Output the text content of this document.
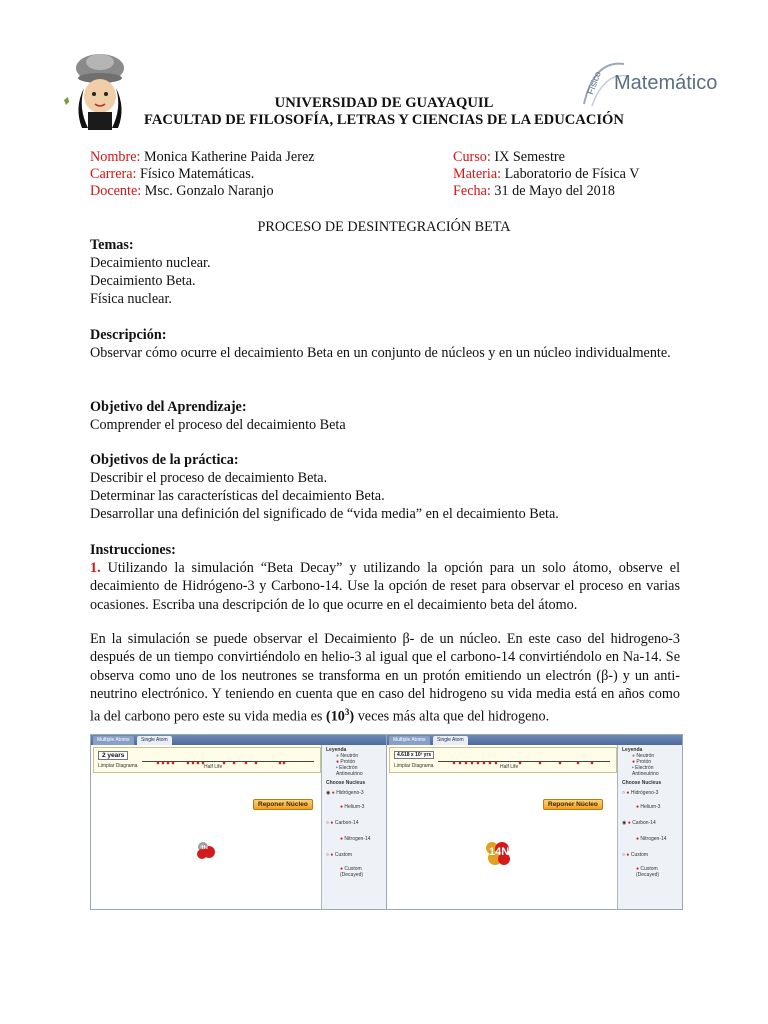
Físico Matemático
UNIVERSIDAD DE GUAYAQUIL
FACULTAD DE FILOSOFÍA, LETRAS Y CIENCIAS DE LA EDUCACIÓN
Nombre: Monica Katherine Paida Jerez
Carrera: Físico Matemáticas.
Docente: Msc. Gonzalo Naranjo
Curso: IX Semestre
Materia: Laboratorio de Física V
Fecha: 31 de Mayo del 2018
PROCESO DE DESINTEGRACIÓN BETA
Temas:
Decaimiento nuclear.
Decaimiento Beta.
Física nuclear.
Descripción:
Observar cómo ocurre el decaimiento Beta en un conjunto de núcleos y en un núcleo individualmente.
Objetivo del Aprendizaje:
Comprender el proceso del decaimiento Beta
Objetivos de la práctica:
Describir el proceso de decaimiento Beta.
Determinar las características del decaimiento Beta.
Desarrollar una definición del significado de “vida media” en el decaimiento Beta.
Instrucciones:
1. Utilizando la simulación “Beta Decay” y utilizando la opción para un solo átomo, observe el decaimiento de Hidrógeno-3 y Carbono-14. Use la opción de reset para observar el proceso en varias ocasiones. Escriba una descripción de lo que ocurre en el decaimiento beta del átomo.
En la simulación se puede observar el Decaimiento β- de un núcleo. En este caso del hidrogeno-3 después de un tiempo convirtiéndolo en helio-3 al igual que el carbono-14 convirtiéndolo en Na-14. Se observa como uno de los neutrones se transforma en un protón emitiendo un electrón (β-) y un anti-neutrino electrónico. Y teniendo en cuenta que en caso del hidrogeno su vida media está en años como la del carbono pero este su vida media es $(10^3)$ veces más alta que del hidrogeno.
Multiple Atoms	Single Atom
2 years
Limpiar Diagrama	Half Life
Reponer Núcleo
³He
Leyenda
● Neutrón
● Protón
• Electrón
Antineutrino
Choose Nucleus
◉ ● Hidrógeno-3
● Helium-3
○ ● Carbon-14
● Nitrogen-14
○ ● Custom
● Custom (Decayed)
Multiple Atoms	Single Atom
4.618 x 10³ yrs
Limpiar Diagrama	Half Life
Reponer Núcleo
14N
Leyenda
● Neutrón
● Protón
• Electrón
Antineutrino
Choose Nucleus
○ ● Hidrógeno-3
● Helium-3
◉ ● Carbon-14
● Nitrogen-14
○ ● Custom
● Custom (Decayed)
